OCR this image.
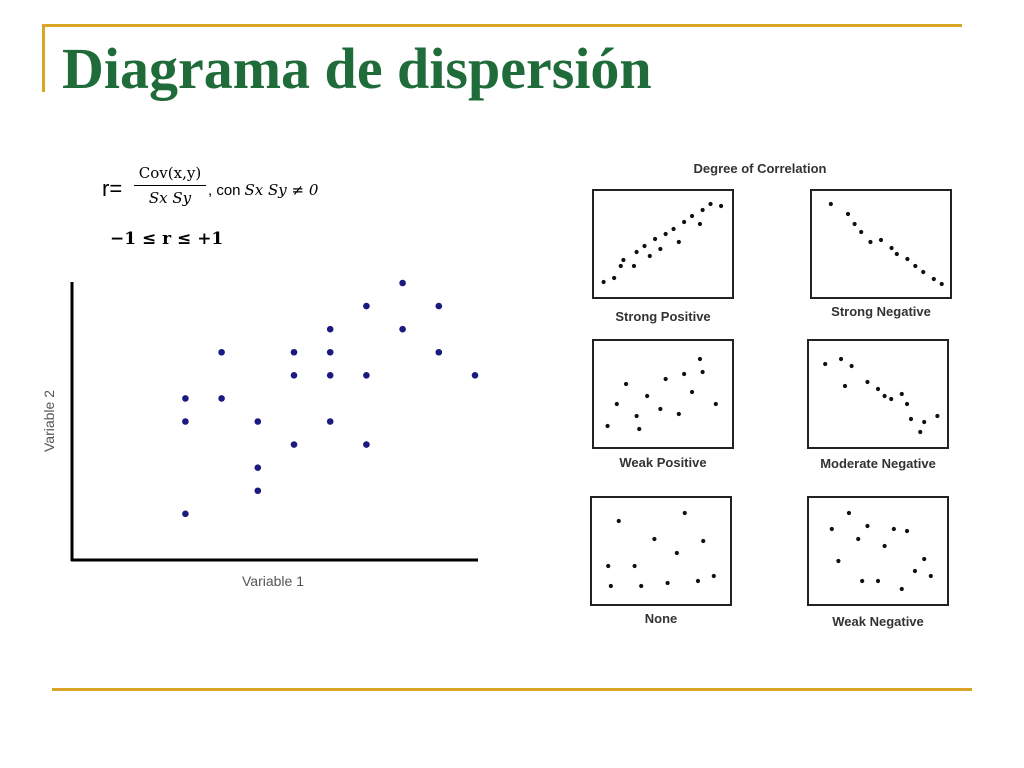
Diagrama de dispersión
r=
Cov(x,y)
Sx Sy	, con Sx Sy ≠ 0
−1 ≤ r ≤ +1
Variable 1
Variable 2
Degree of Correlation
Strong Positive	Strong Negative
Weak Positive	Moderate Negative
None	Weak Negative
